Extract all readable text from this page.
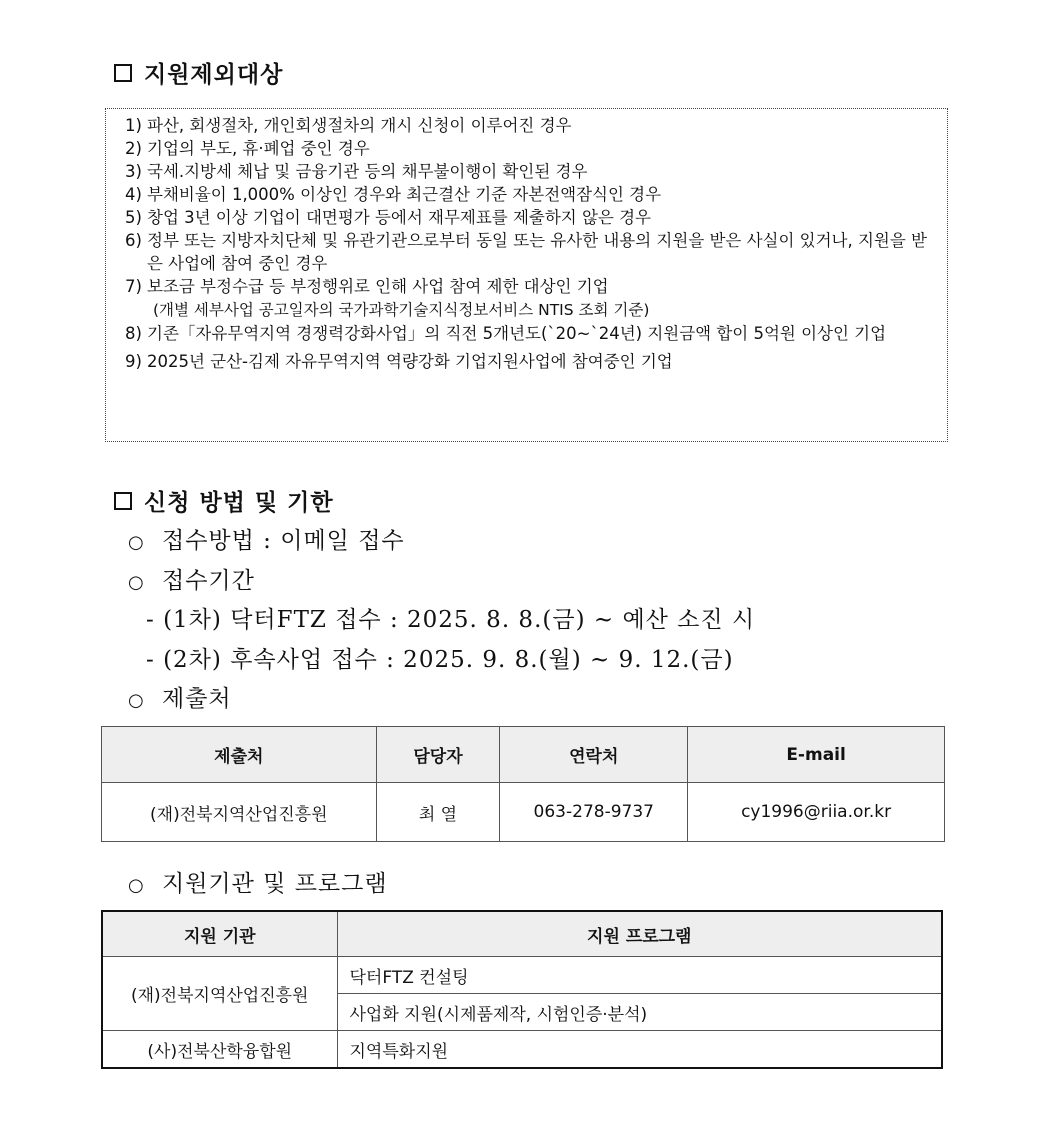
지원제외대상
1) 파산, 회생절차, 개인회생절차의 개시 신청이 이루어진 경우
2) 기업의 부도, 휴·폐업 중인 경우
3) 국세.지방세 체납 및 금융기관 등의 채무불이행이 확인된 경우
4) 부채비율이 1,000% 이상인 경우와 최근결산 기준 자본전액잠식인 경우
5) 창업 3년 이상 기업이 대면평가 등에서 재무제표를 제출하지 않은 경우
6) 정부 또는 지방자치단체 및 유관기관으로부터 동일 또는 유사한 내용의 지원을 받은 사실이 있거나, 지원을 받은 사업에 참여 중인 경우
7) 보조금 부정수급 등 부정행위로 인해 사업 참여 제한 대상인 기업
(개별 세부사업 공고일자의 국가과학기술지식정보서비스 NTIS 조회 기준)
8) 기존「자유무역지역 경쟁력강화사업」의 직전 5개년도(`20~`24년) 지원금액 합이 5억원 이상인 기업
9) 2025년 군산-김제 자유무역지역 역량강화 기업지원사업에 참여중인 기업
신청 방법 및 기한
○ 접수방법 : 이메일 접수
○ 접수기간
- (1차) 닥터FTZ 접수 : 2025. 8. 8.(금) ~ 예산 소진 시
- (2차) 후속사업 접수 : 2025. 9. 8.(월) ~ 9. 12.(금)
○ 제출처
제출처	담당자	연락처	E-mail
(재)전북지역산업진흥원	최 열	063-278-9737	cy1996@riia.or.kr
○ 지원기관 및 프로그램
지원 기관	지원 프로그램
(재)전북지역산업진흥원	닥터FTZ 컨설팅
	사업화 지원(시제품제작, 시험인증·분석)
(사)전북산학융합원	지역특화지원
